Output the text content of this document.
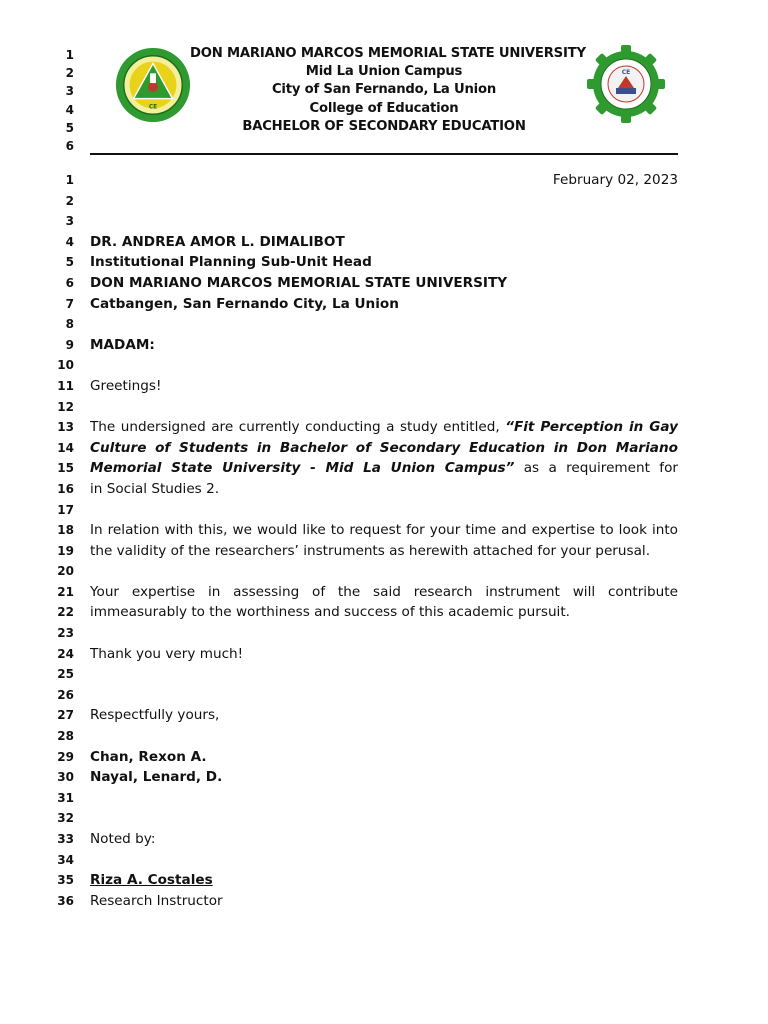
1
2
3
4
5
6
CE
DON MARIANO MARCOS MEMORIAL STATE UNIVERSITY
Mid La Union Campus
City of San Fernando, La Union
College of Education
BACHELOR OF SECONDARY EDUCATION
CE
1	February 02, 2023
2
3
4 DR. ANDREA AMOR L. DIMALIBOT
5 Institutional Planning Sub-Unit Head
6 DON MARIANO MARCOS MEMORIAL STATE UNIVERSITY
7 Catbangen, San Fernando City, La Union
8
9 MADAM:
10
11 Greetings!
12
13 The undersigned are currently conducting a study entitled, “Fit Perception in Gay
14 Culture of Students in Bachelor of Secondary Education in Don Mariano
15 Memorial State University - Mid La Union Campus” as a requirement for
16 in Social Studies 2.
17
18 In relation with this, we would like to request for your time and expertise to look into
19 the validity of the researchers’ instruments as herewith attached for your perusal.
20
21 Your expertise in assessing of the said research instrument will contribute
22 immeasurably to the worthiness and success of this academic pursuit.
23
24 Thank you very much!
25
26
27 Respectfully yours,
28
29 Chan, Rexon A.
30 Nayal, Lenard, D.
31
32
33 Noted by:
34
35 Riza A. Costales
36 Research Instructor
